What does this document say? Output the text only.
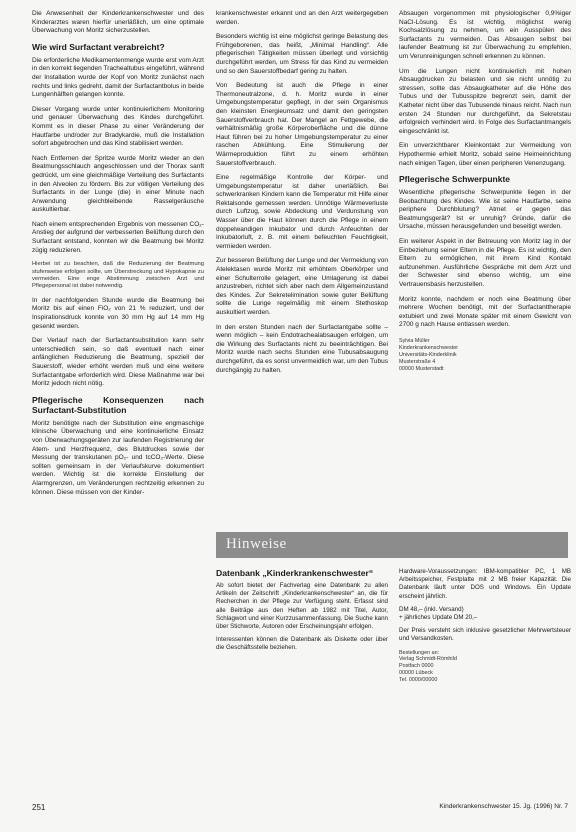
Die Anwesenheit der Kinderkrankenschwester und des Kinderarztes waren hierfür unerläßlich, um eine optimale Überwachung von Moritz sicherzustellen.

Wie wird Surfactant verabreicht?

Die erforderliche Medikamentenmenge wurde erst vom Arzt in den korrekt liegenden Trachealtubus eingeführt, während der Installation wurde der Kopf von Moritz zunächst nach rechts und links gedreht, damit der Surfactantbolus in beide Lungenhälften gelangen konnte.

Dieser Vorgang wurde unter kontinuierlichem Monitoring und genauer Überwachung des Kindes durchgeführt. Kommt es in dieser Phase zu einer Veränderung der Hautfarbe und/oder zur Bradykardie, muß die Installation sofort abgebrochen und das Kind stabilisiert werden.

Nach Entfernen der Spritze wurde Moritz wieder an den Beatmungsschlauch angeschlossen und der Thorax sanft gedrückt, um eine gleichmäßige Verteilung des Surfactants in den Alveolen zu fördern. Bis zur völligen Verteilung des Surfactants in der Lunge (die) in einer Minute nach Anwendung gleichbleibende Rasselgeräusche auskultierbar.

Nach einem entsprechenden Ergebnis von messenen CO₂-Anstieg der aufgrund der verbesserten Belüftung durch den Surfactant entstand, konnten wir die Beatmung bei Moritz zügig reduzieren.

Hierbei ist zu beachten, daß die Reduzierung der Beatmung stufenweise erfolgen sollte, um Überstreckung und Hypokapnie zu vermeiden. Eine enge Abstimmung zwischen Arzt und Pflegepersonal ist dabei notwendig.

In der nachfolgenden Stunde wurde die Beatmung bei Moritz bis auf einen FiO₂ von 21 % reduziert, und der Inspirationsdruck konnte von 30 mm Hg auf 14 mm Hg gesenkt werden.

Der Verlauf nach der Surfactantsubstitution kann sehr unterschiedlich sein, so daß eventuell nach einer anfänglichen Reduzierung die Beatmung, speziell der Sauerstoff, wieder erhöht werden muß und eine weitere Surfactantgabe erforderlich wird. Diese Maßnahme war bei Moritz jedoch nicht nötig.

Pflegerische Konsequenzen nach Surfactant-Substitution

Moritz benötigte nach der Substitution eine engmaschige klinische Überwachung und eine kontinuierliche Einsatz von Überwachungsgeräten zur laufenden Registrierung der Atem- und Herzfrequenz, des Blutdruckes sowie der Messung der transkutanen pO₂- und tcCO₂-Werte. Diese sollten gemeinsam in der Verlaufskurve dokumentiert werden. Wichtig ist die korrekte Einstellung der Alarmgrenzen, um Veränderungen rechtzeitig erkennen zu können. Diese müssen von der Kinder-

krankenschwester erkannt und an den Arzt weitergegeben werden.

Besonders wichtig ist eine möglichst geringe Belastung des Frühgeborenen, das heißt, „Minimal Handling“. Alle pflegerischen Tätigkeiten müssen überlegt und vorsichtig durchgeführt werden, um Stress für das Kind zu vermeiden und so den Sauerstoffbedarf gering zu halten.

Von Bedeutung ist auch die Pflege in einer Thermoneutralzone, d. h. Moritz wurde in einer Umgebungstemperatur gepflegt, in der sein Organismus den kleinsten Energieumsatz und damit den geringsten Sauerstoffverbrauch hat. Der Mangel an Fettgewebe, die verhältnismäßig große Körperoberfläche und die dünne Haut führen bei zu hoher Umgebungstemperatur zu einer raschen Abkühlung. Eine Stimulierung der Wärmeproduktion führt zu einem erhöhten Sauerstoffverbrauch.

Eine regelmäßige Kontrolle der Körper- und Umgebungstemperatur ist daher unerläßlich. Bei schwerkranken Kindern kann die Temperatur mit Hilfe einer Rektalsonde gemessen werden. Unnötige Wärmeverluste durch Luftzug, sowie Abdeckung und Verdunstung von Wasser über die Haut können durch die Pflege in einem doppelwandigen Inkubator und durch Anfeuchten der Inkubatorluft, z. B. mit einem befeuchten Feuchtigkeit, vermieden werden.

Zur besseren Belüftung der Lunge und der Vermeidung von Atelektasen wurde Moritz mit erhöhtem Oberkörper und einer Schulterrolle gelagert, eine Umlagerung ist dabei anzustreben, richtet sich aber nach dem Allgemeinzustand des Kindes. Zur Sekretelimination sowie guter Belüftung sollte die Lunge regelmäßig mit einem Stethoskop auskultiert werden.

In den ersten Stunden nach der Surfactantgabe sollte – wenn möglich – kein Endotrachealabsaugen erfolgen, um die Wirkung des Surfactants nicht zu beeinträchtigen. Bei Moritz wurde nach sechs Stunden eine Tubusabsaugung durchgeführt, da es sonst unvermeidlich war, um den Tubus durchgängig zu halten.

Absaugen vorgenommen mit physiologischer 0,9%iger NaCl-Lösung. Es ist wichtig, möglichst wenig Kochsalzlösung zu nehmen, um ein Ausspülen des Surfactants zu vermeiden. Das Absaugen selbst bei laufender Beatmung ist zur Überwachung zu empfehlen, um Verunreinigungen schnell erkennen zu können.

Um die Lungen nicht kontinuierlich mit hohen Absaugdrucken zu belasten und sie nicht unnötig zu stressen, sollte das Absaugkatheter auf die Höhe des Tubus und der Tubusspitze begrenzt sein, damit der Katheter nicht über das Tubusende hinaus reicht. Nach nun ersten 24 Stunden nur durchgeführt, da Sekretstau erfolgreich verhindert wird. In Folge des Surfactantmangels eingeschränkt ist.

Ein unverzichtbarer Kleinkontakt zur Vermeidung von Hypothermie erhielt Moritz, sobald seine Heimeinrichtung nach einigen Tagen, über einen peripheren Venenzugang.

Pflegerische Schwerpunkte

Wesentliche pflegerische Schwerpunkte liegen in der Beobachtung des Kindes. Wie ist seine Hautfarbe, seine periphere Durchblutung? Atmet er gegen das Beatmungsgerät? Ist er unruhig? Gründe, dafür die Ursache, müssen herausgefunden und beseitigt werden.

Ein weiterer Aspekt in der Betreuung von Moritz lag in der Einbeziehung seiner Eltern in die Pflege. Es ist wichtig, den Eltern zu ermöglichen, mit ihrem Kind Kontakt aufzunehmen. Ausführliche Gespräche mit dem Arzt und der Schwester sind ebenso wichtig, um eine Vertrauensbasis herzustellen.

Moritz konnte, nachdem er noch eine Beatmung über mehrere Wochen benötigt, mit der Surfactanttherapie extubiert und zwei Monate später mit einem Gewicht von 2700 g nach Hause entlassen werden.

Sylvia Müller
Kinderkrankenschwester
Universitäts-Kinderklinik
Musterstraße 4
00000 Musterstadt
Hinweise
Datenbank „Kinderkrankenschwester“

Ab sofort bietet der Fachverlag eine Datenbank zu allen Artikeln der Zeitschrift „Kinderkrankenschwester“ an, die für Recherchen in der Pflege zur Verfügung steht. Erfasst sind alle Beiträge aus den Heften ab 1982 mit Titel, Autor, Schlagwort und einer Kurzzusammenfassung. Die Suche kann über Stichworte, Autoren oder Erscheinungsjahr erfolgen.

Interessenten können die Datenbank als Diskette oder über die Geschäftsstelle beziehen.

Hardware-Voraussetzungen: IBM-kompatibler PC, 1 MB Arbeitsspeicher, Festplatte mit 2 MB freier Kapazität. Die Datenbank läuft unter DOS und Windows. Ein Update erscheint jährlich.

DM 48,– (inkl. Versand)
+ jährliches Update DM 20,–

Der Preis versteht sich inklusive gesetzlicher Mehrwertsteuer und Versandkosten.

Bestellungen an:
Verlag Schmidt-Römhild
Postfach 0000
00000 Lübeck
Tel. 0000/00000
251	Kinderkrankenschwester 15. Jg. (1996) Nr. 7
